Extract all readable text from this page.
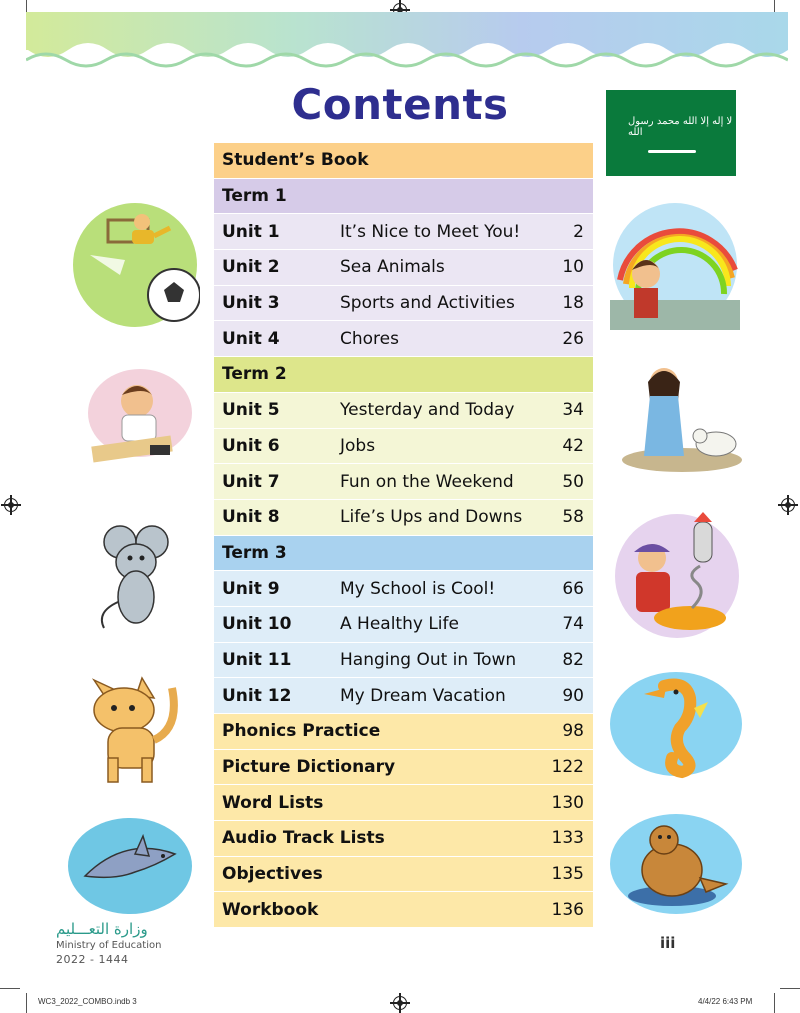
Contents	لا إله إلا الله محمد رسول الله
Student’s Book
Term 1
Unit 1	It’s Nice to Meet You!	2
Unit 2	Sea Animals	10
Unit 3	Sports and Activities	18
Unit 4	Chores	26
Term 2
Unit 5	Yesterday and Today	34
Unit 6	Jobs	42
Unit 7	Fun on the Weekend	50
Unit 8	Life’s Ups and Downs	58
Term 3
Unit 9	My School is Cool!	66
Unit 10	A Healthy Life	74
Unit 11	Hanging Out in Town	82
Unit 12	My Dream Vacation	90
Phonics Practice	98
Picture Dictionary	122
Word Lists	130
Audio Track Lists	133
Objectives	135
Workbook	136
وزارة التعـــليم
Ministry of Education
2022 - 1444
iii
WC3_2022_COMBO.indb 3	4/4/22 6:43 PM
